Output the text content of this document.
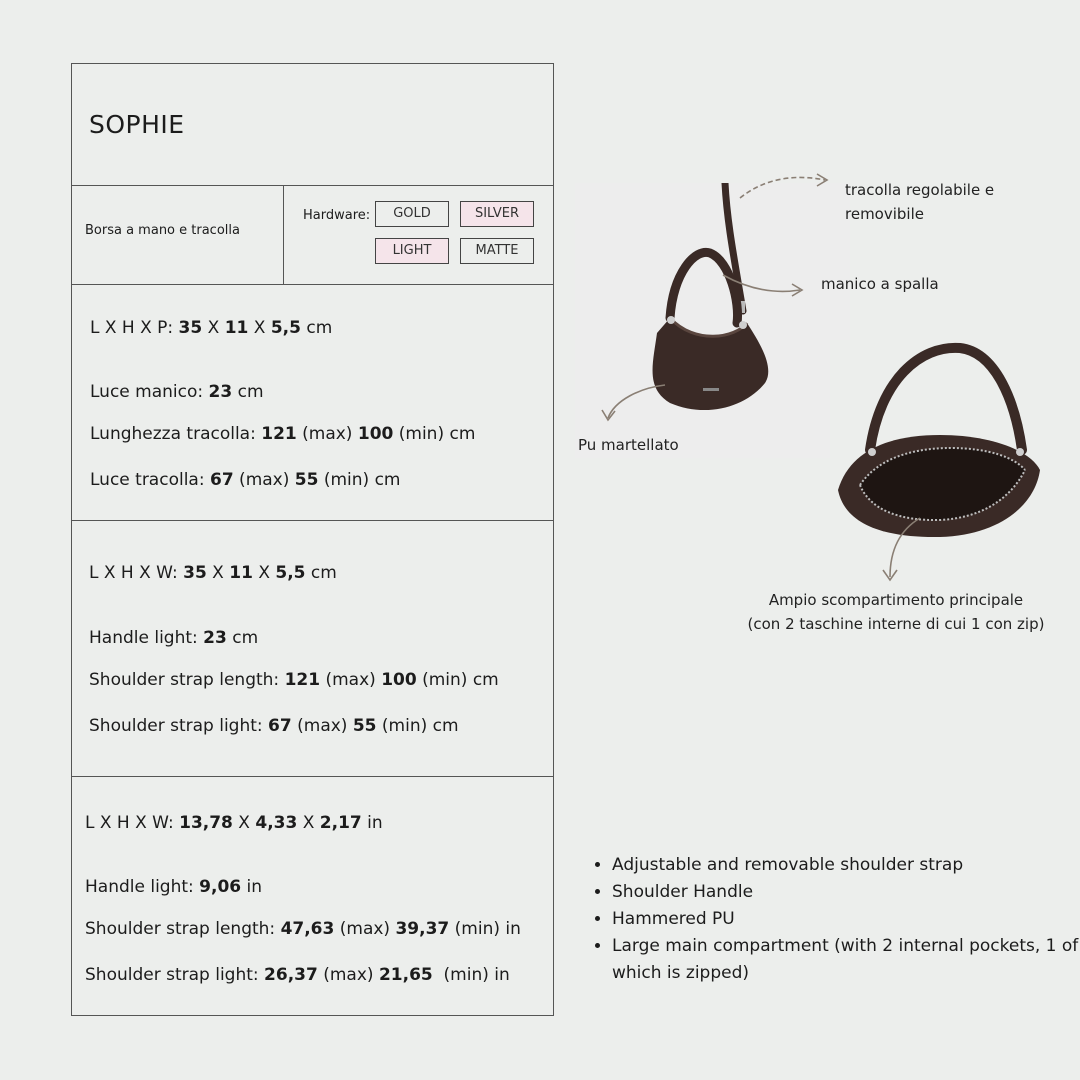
SOPHIE
Borsa a mano e tracolla
Hardware:	GOLD	SILVER
LIGHT	MATTE
L X H X P: 35 X 11 X 5,5 cm
Luce manico: 23 cm
Lunghezza tracolla: 121 (max) 100 (min) cm
Luce tracolla: 67 (max) 55 (min) cm
L X H X W: 35 X 11 X 5,5 cm
Handle light: 23 cm
Shoulder strap length: 121 (max) 100 (min) cm
Shoulder strap light: 67 (max) 55 (min) cm
L X H X W: 13,78 X 4,33 X 2,17 in
Handle light: 9,06 in
Shoulder strap length: 47,63 (max) 39,37 (min) in
Shoulder strap light: 26,37 (max) 21,65  (min) in
tracolla regolabile e removibile
manico a spalla
Pu martellato
Ampio scompartimento principale
(con 2 taschine interne di cui 1 con zip)
• Adjustable and removable shoulder strap
• Shoulder Handle
• Hammered PU
• Large main compartment (with 2 internal pockets, 1 of which is zipped)
